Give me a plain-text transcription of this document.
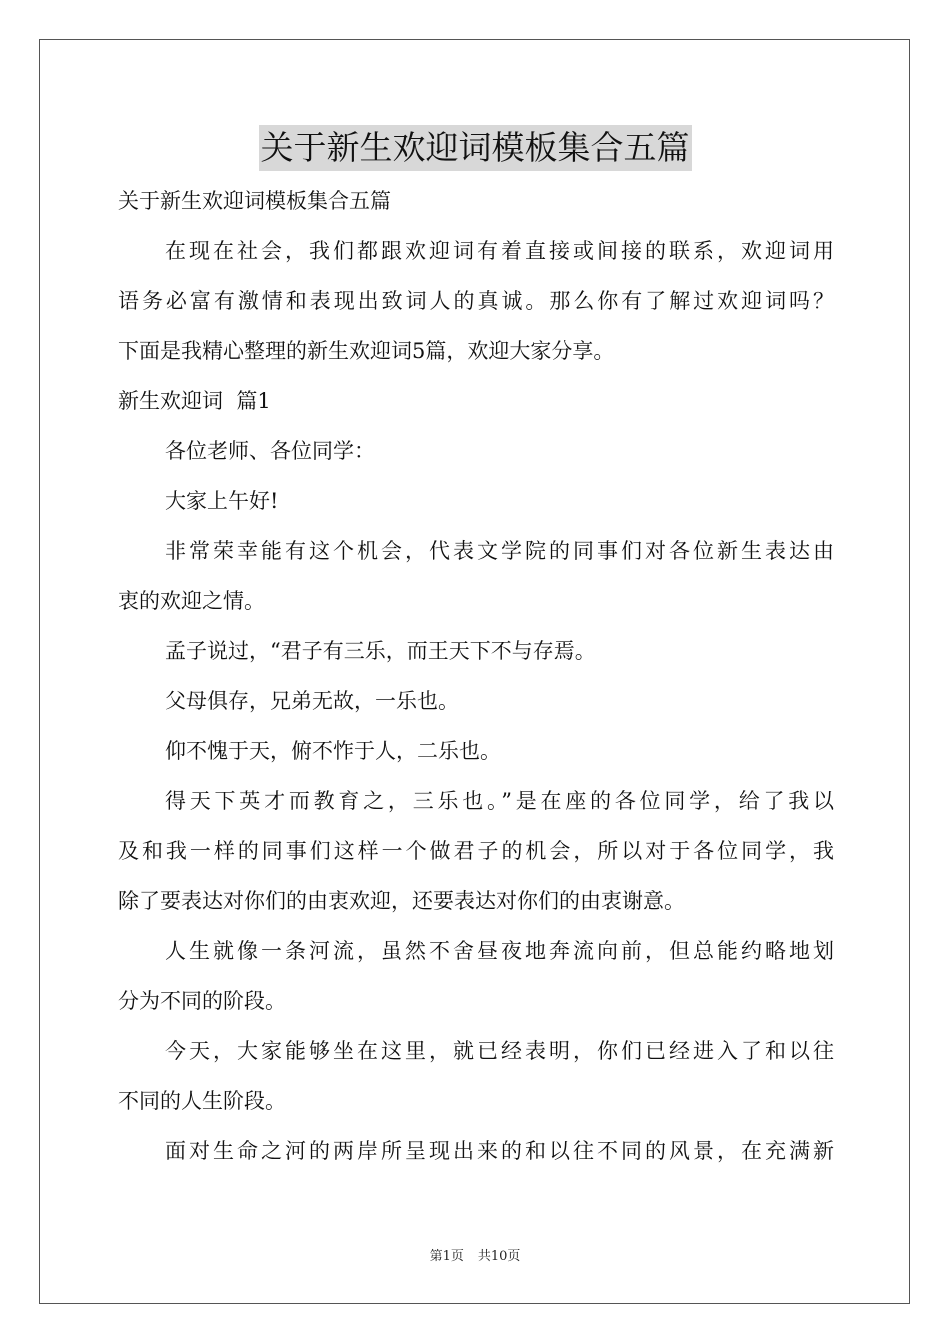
关于新生欢迎词模板集合五篇
关于新生欢迎词模板集合五篇
在现在社会，我们都跟欢迎词有着直接或间接的联系，欢迎词用
语务必富有激情和表现出致词人的真诚。那么你有了解过欢迎词吗？
下面是我精心整理的新生欢迎词5篇，欢迎大家分享。
新生欢迎词  篇1
各位老师、各位同学：
大家上午好!
非常荣幸能有这个机会，代表文学院的同事们对各位新生表达由
衷的欢迎之情。
孟子说过，“君子有三乐，而王天下不与存焉。
父母俱存，兄弟无故，一乐也。
仰不愧于天，俯不怍于人，二乐也。
得天下英才而教育之，三乐也。”是在座的各位同学，给了我以
及和我一样的同事们这样一个做君子的机会，所以对于各位同学，我
除了要表达对你们的由衷欢迎，还要表达对你们的由衷谢意。
人生就像一条河流，虽然不舍昼夜地奔流向前，但总能约略地划
分为不同的阶段。
今天，大家能够坐在这里，就已经表明，你们已经进入了和以往
不同的人生阶段。
面对生命之河的两岸所呈现出来的和以往不同的风景，在充满新
第1页 共10页
